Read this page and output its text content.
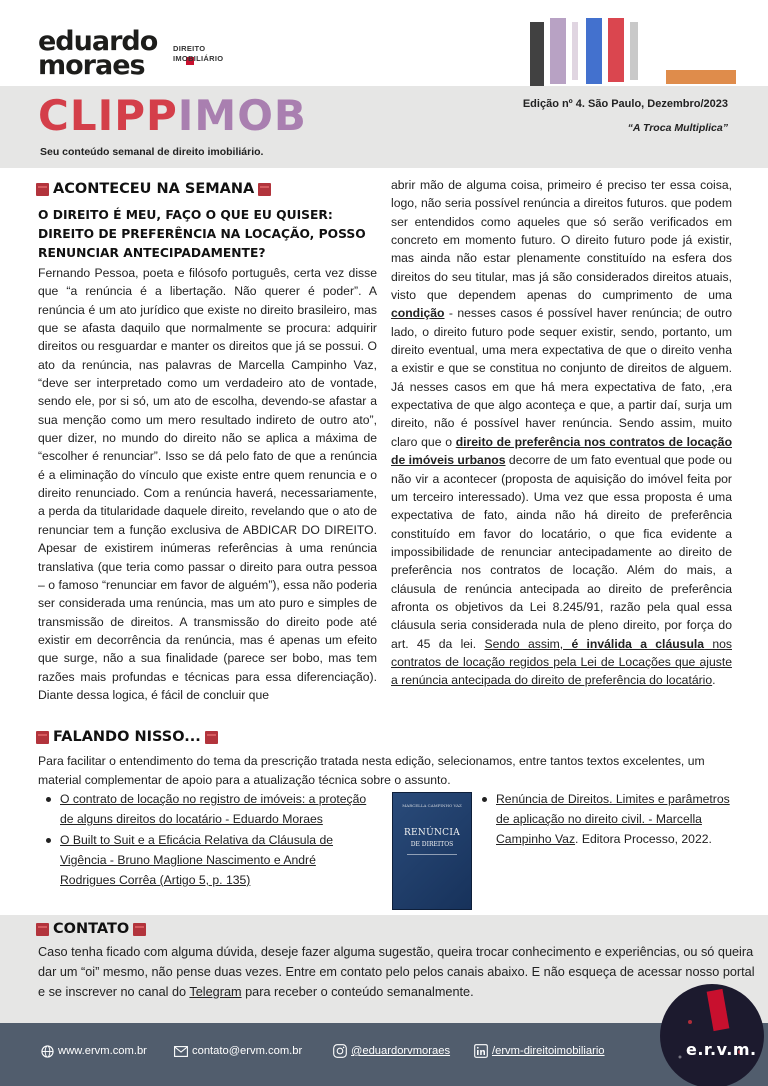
eduardo
moraes
DIREITO
IMOBILIÁRIO
CLIPPIMOB
Seu conteúdo semanal de direito imobiliário.
Edição nº 4. São Paulo, Dezembro/2023
“A Troca Multiplica”
ACONTECEU NA SEMANA
O DIREITO É MEU, FAÇO O QUE EU QUISER: DIREITO DE PREFERÊNCIA NA LOCAÇÃO, POSSO RENUNCIAR ANTECIPADAMENTE?
Fernando Pessoa, poeta e filósofo português, certa vez disse que “a renúncia é a libertação. Não querer é poder”. A renúncia é um ato jurídico que existe no direito brasileiro, mas que se afasta daquilo que normalmente se procura: adquirir direitos ou resguardar e manter os direitos que já se possui. O ato da renúncia, nas palavras de Marcella Campinho Vaz, “deve ser interpretado como um verdadeiro ato de vontade, sendo ele, por si só, um ato de escolha, devendo-se afastar a sua menção como um mero resultado indireto de outro ato”, quer dizer, no mundo do direito não se aplica a máxima de “escolher é renunciar”. Isso se dá pelo fato de que a renúncia é a eliminação do vínculo que existe entre quem renuncia e o direito renunciado. Com a renúncia haverá, necessariamente, a perda da titularidade daquele direito, revelando que o ato de renunciar tem a função exclusiva de ABDICAR DO DIREITO. Apesar de existirem inúmeras referências à uma renúncia translativa (que teria como passar o direito para outra pessoa – o famoso “renunciar em favor de alguém”), essa não poderia ser considerada uma renúncia, mas um ato puro e simples de transmissão de direitos. A transmissão do direito pode até existir em decorrência da renúncia, mas é apenas um efeito que surge, não a sua finalidade (parece ser bobo, mas tem razões mais profundas e técnicas para essa diferenciação). Diante dessa logica, é fácil de concluir que
abrir mão de alguma coisa, primeiro é preciso ter essa coisa, logo, não seria possível renúncia a direitos futuros. que podem ser entendidos como aqueles que só serão verificados em concreto em momento futuro. O direito futuro pode já existir, mas ainda não estar plenamente constituído na esfera dos direitos do seu titular, mas já são considerados direitos atuais, visto que dependem apenas do cumprimento de uma condição - nesses casos é possível haver renúncia; de outro lado, o direito futuro pode sequer existir, sendo, portanto, um direito eventual, uma mera expectativa de que o direito venha a existir e que se constitua no conjunto de direitos de alguem. Já nesses casos em que há mera expectativa de fato, ,era expectativa de que algo aconteça e que, a partir daí, surja um direito, não é possível haver renúncia. Sendo assim, muito claro que o direito de preferência nos contratos de locação de imóveis urbanos decorre de um fato eventual que pode ou não vir a acontecer (proposta de aquisição do imóvel feita por um terceiro interessado). Uma vez que essa proposta é uma expectativa de fato, ainda não há direito de preferência constituído em favor do locatário, o que fica evidente a impossibilidade de renunciar antecipadamente ao direito de preferência nos contratos de locação. Além do mais, a cláusula de renúncia antecipada ao direito de preferência afronta os objetivos da Lei 8.245/91, razão pela qual essa cláusula seria considerada nula de pleno direito, por força do art. 45 da lei. Sendo assim, é inválida a cláusula nos contratos de locação regidos pela Lei de Locações que ajuste a renúncia antecipada do direito de preferência do locatário.
FALANDO NISSO...
Para facilitar o entendimento do tema da prescrição tratada nesta edição, selecionamos, entre tantos textos excelentes, um material complementar de apoio para a atualização técnica sobre o assunto.
O contrato de locação no registro de imóveis: a proteção de alguns direitos do locatário - Eduardo Moraes
O Built to Suit e a Eficácia Relativa da Cláusula de Vigência - Bruno Maglione Nascimento e André Rodrigues Corrêa (Artigo 5, p. 135)
MARCELLA CAMPINHO VAZ
RENÚNCIA
DE DIREITOS
Renúncia de Direitos. Limites e parâmetros de aplicação no direito civil. - Marcella Campinho Vaz. Editora Processo, 2022.
CONTATO
Caso tenha ficado com alguma dúvida, deseje fazer alguma sugestão, queira trocar conhecimento e experiências, ou só queira dar um “oi” mesmo, não pense duas vezes. Entre em contato pelo pelos canais abaixo. E não esqueça de acessar nosso portal e se inscrever no canal do Telegram para receber o conteúdo semanalmente.
www.ervm.com.br	contato@ervm.com.br	@eduardorvmoraes	/ervm-direitoimobiliario	e.r.v.m.
